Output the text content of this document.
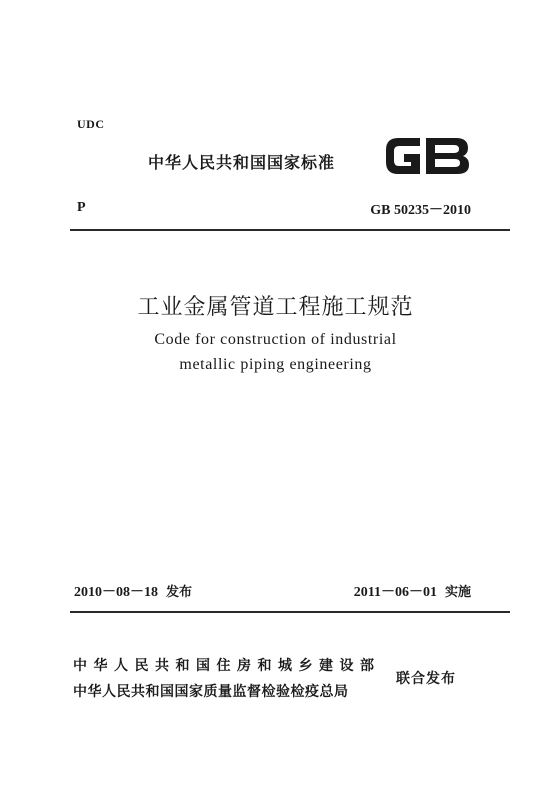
UDC
中华人民共和国国家标准
P	GB 50235－2010
工业金属管道工程施工规范
Code for construction of industrial
metallic piping engineering
2010－08－18 发布	2011－06－01 实施
中华人民共和国住房和城乡建设部
中华人民共和国国家质量监督检验检疫总局
联合发布
